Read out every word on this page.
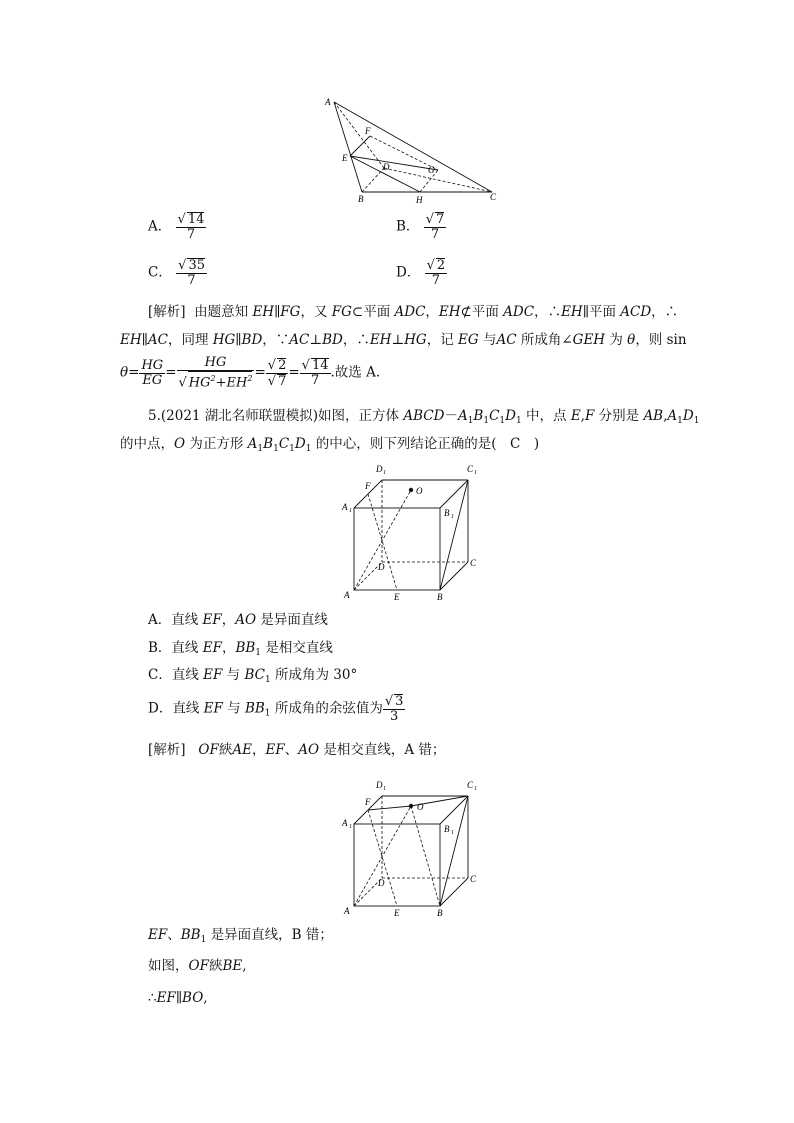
A
F
E
D	G
B	H	C
A． $\frac{√ 14}{7}$	B． $\frac{√ 7}{7}$
C． $\frac{√ 35}{7}$	D． $\frac{√ 2}{7}$
[解析] 由题意知 EH∥FG，又 FG⊂平面 ADC，EH⊄平面 ADC，∴EH∥平面 ACD，∴
EH∥AC，同理 HG∥BD，∵AC⊥BD，∴EH⊥HG，记 EG 与AC 所成角∠GEH 为 θ，则 sin
$\theta= \frac{HG}{EG} = \frac{HG}{√ HG^2+EH^2} = \frac{√ 2}{√ 7} = \frac{√ 14}{7}$ .故选 A.
5.(2021 湖北名师联盟模拟)如图，正方体 $ABCD-A_1B_1C_1D_1$ 中，点 E,F 分别是 $AB,A_1D_1$
的中点，O 为正方形 $A_1B_1C_1D_1$ 的中心，则下列结论正确的是(　C　)
D 1	C 1
F	O
A 1	B 1
D	C
A	E	B
A．直线 EF，AO 是异面直线
B．直线 EF，$BB_1$ 是相交直线
C．直线 EF 与 $BC_1$ 所成角为 30°
D．直线 EF 与 $BB_1$ 所成角的余弦值为 $\frac{√ 3}{3}$
[解析] OF綊AE，EF、AO 是相交直线，A 错；
D 1	C 1
F	O
A 1	B 1
D	C
A	E	B
EF、$BB_1$ 是异面直线，B 错；
如图，OF綊BE,
∴EF∥BO,
